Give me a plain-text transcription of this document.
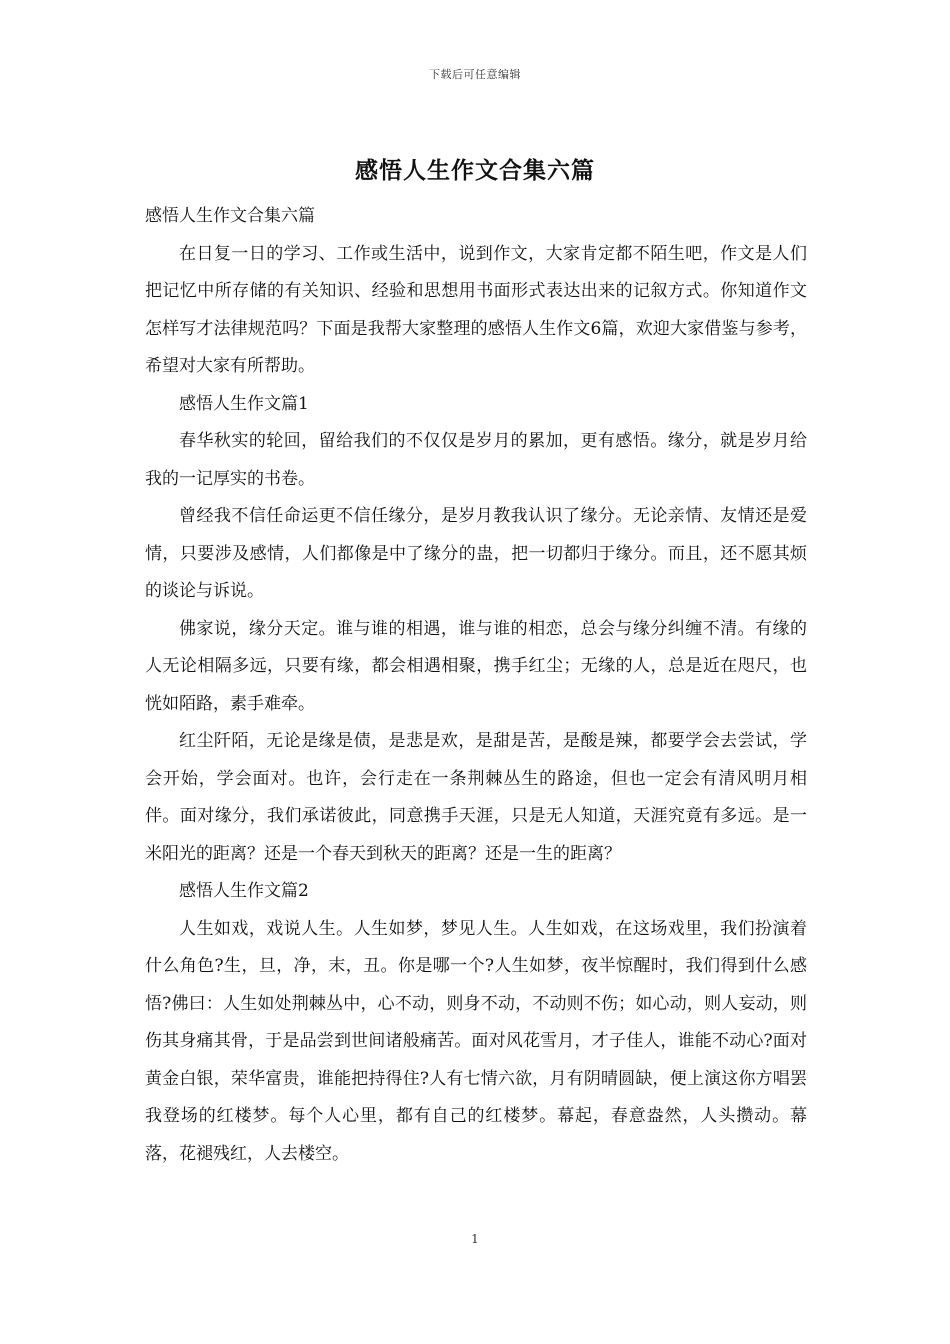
下载后可任意编辑
感悟人生作文合集六篇

感悟人生作文合集六篇

在日复一日的学习、工作或生活中，说到作文，大家肯定都不陌生吧，作文是人们把记忆中所存储的有关知识、经验和思想用书面形式表达出来的记叙方式。你知道作文怎样写才法律规范吗？下面是我帮大家整理的感悟人生作文6篇，欢迎大家借鉴与参考，希望对大家有所帮助。

感悟人生作文篇1

春华秋实的轮回，留给我们的不仅仅是岁月的累加，更有感悟。缘分，就是岁月给我的一记厚实的书卷。

曾经我不信任命运更不信任缘分，是岁月教我认识了缘分。无论亲情、友情还是爱情，只要涉及感情，人们都像是中了缘分的蛊，把一切都归于缘分。而且，还不愿其烦的谈论与诉说。

佛家说，缘分天定。谁与谁的相遇，谁与谁的相恋，总会与缘分纠缠不清。有缘的人无论相隔多远，只要有缘，都会相遇相聚，携手红尘；无缘的人，总是近在咫尺，也恍如陌路，素手难牵。

红尘阡陌，无论是缘是债，是悲是欢，是甜是苦，是酸是辣，都要学会去尝试，学会开始，学会面对。也许，会行走在一条荆棘丛生的路途，但也一定会有清风明月相伴。面对缘分，我们承诺彼此，同意携手天涯，只是无人知道，天涯究竟有多远。是一米阳光的距离？还是一个春天到秋天的距离？还是一生的距离？

感悟人生作文篇2

人生如戏，戏说人生。人生如梦，梦见人生。人生如戏，在这场戏里，我们扮演着什么角色?生，旦，净，末，丑。你是哪一个?人生如梦，夜半惊醒时，我们得到什么感悟?佛曰：人生如处荆棘丛中，心不动，则身不动，不动则不伤；如心动，则人妄动，则伤其身痛其骨，于是品尝到世间诸般痛苦。面对风花雪月，才子佳人，谁能不动心?面对黄金白银，荣华富贵，谁能把持得住?人有七情六欲，月有阴晴圆缺，便上演这你方唱罢我登场的红楼梦。每个人心里，都有自己的红楼梦。幕起，春意盎然，人头攒动。幕落，花褪残红，人去楼空。

1
